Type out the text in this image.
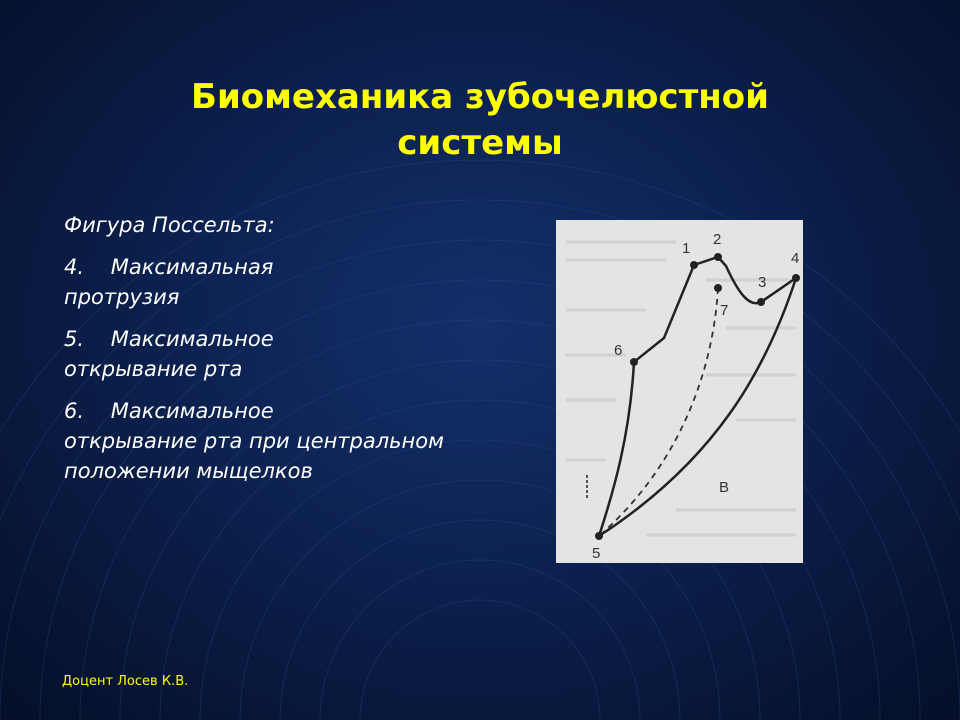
Биомеханика зубочелюстной
системы

Фигура Поссельта:

4. Максимальная
протрузия

5. Максимальное
открывание рта

6. Максимальное
открывание рта при центральном положении мыщелков

1
2
3
4
5
6
7
B
Доцент Лосев К.В.
